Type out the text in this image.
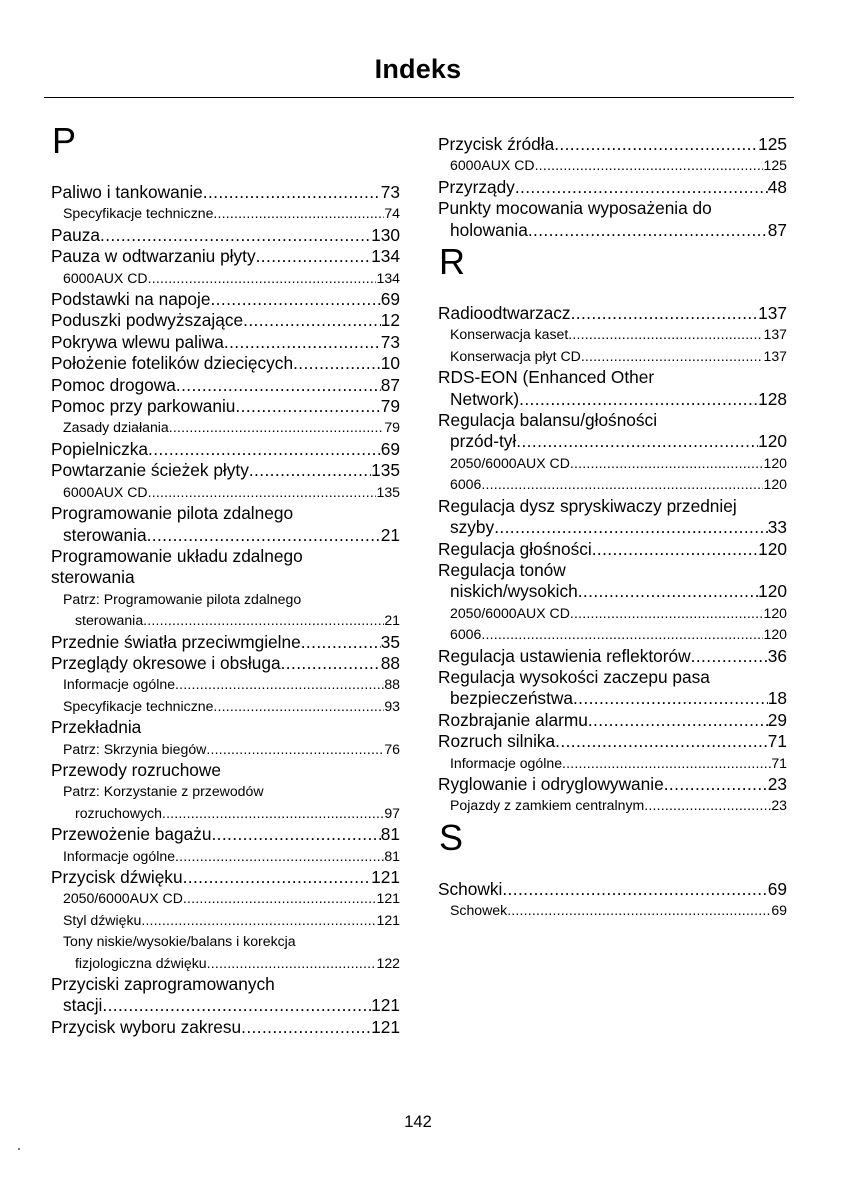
Indeks
P
Paliwo i tankowanie .....	73
Specyfikacje techniczne .....	74
Pauza .....	130
Pauza w odtwarzaniu płyty .....	134
6000AUX CD .....	134
Podstawki na napoje .....	69
Poduszki podwyższające .....	12
Pokrywa wlewu paliwa .....	73
Położenie fotelików dziecięcych .....	10
Pomoc drogowa .....	87
Pomoc przy parkowaniu .....	79
Zasady działania .....	79
Popielniczka .....	69
Powtarzanie ścieżek płyty .....	135
6000AUX CD .....	135
Programowanie pilota zdalnego
sterowania .....	21
Programowanie układu zdalnego
sterowania
Patrz: Programowanie pilota zdalnego
sterowania .....	21
Przednie światła przeciwmgielne .....	35
Przeglądy okresowe i obsługa .....	88
Informacje ogólne .....	88
Specyfikacje techniczne .....	93
Przekładnia
Patrz: Skrzynia biegów .....	76
Przewody rozruchowe
Patrz: Korzystanie z przewodów
rozruchowych .....	97
Przewożenie bagażu .....	81
Informacje ogólne .....	81
Przycisk dźwięku .....	121
2050/6000AUX CD .....	121
Styl dźwięku .....	121
Tony niskie/wysokie/balans i korekcja
fizjologiczna dźwięku .....	122
Przyciski zaprogramowanych
stacji .....	121
Przycisk wyboru zakresu .....	121
Przycisk źródła .....	125
6000AUX CD .....	125
Przyrządy .....	48
Punkty mocowania wyposażenia do
holowania .....	87
R
Radioodtwarzacz .....	137
Konserwacja kaset .....	137
Konserwacja płyt CD .....	137
RDS-EON (Enhanced Other
Network) .....	128
Regulacja balansu/głośności
przód-tył .....	120
2050/6000AUX CD .....	120
6006 .....	120
Regulacja dysz spryskiwaczy przedniej
szyby .....	33
Regulacja głośności .....	120
Regulacja tonów
niskich/wysokich .....	120
2050/6000AUX CD .....	120
6006 .....	120
Regulacja ustawienia reflektorów .....	36
Regulacja wysokości zaczepu pasa
bezpieczeństwa .....	18
Rozbrajanie alarmu .....	29
Rozruch silnika .....	71
Informacje ogólne .....	71
Ryglowanie i odryglowywanie .....	23
Pojazdy z zamkiem centralnym .....	23
S
Schowki .....	69
Schowek .....	69
142
